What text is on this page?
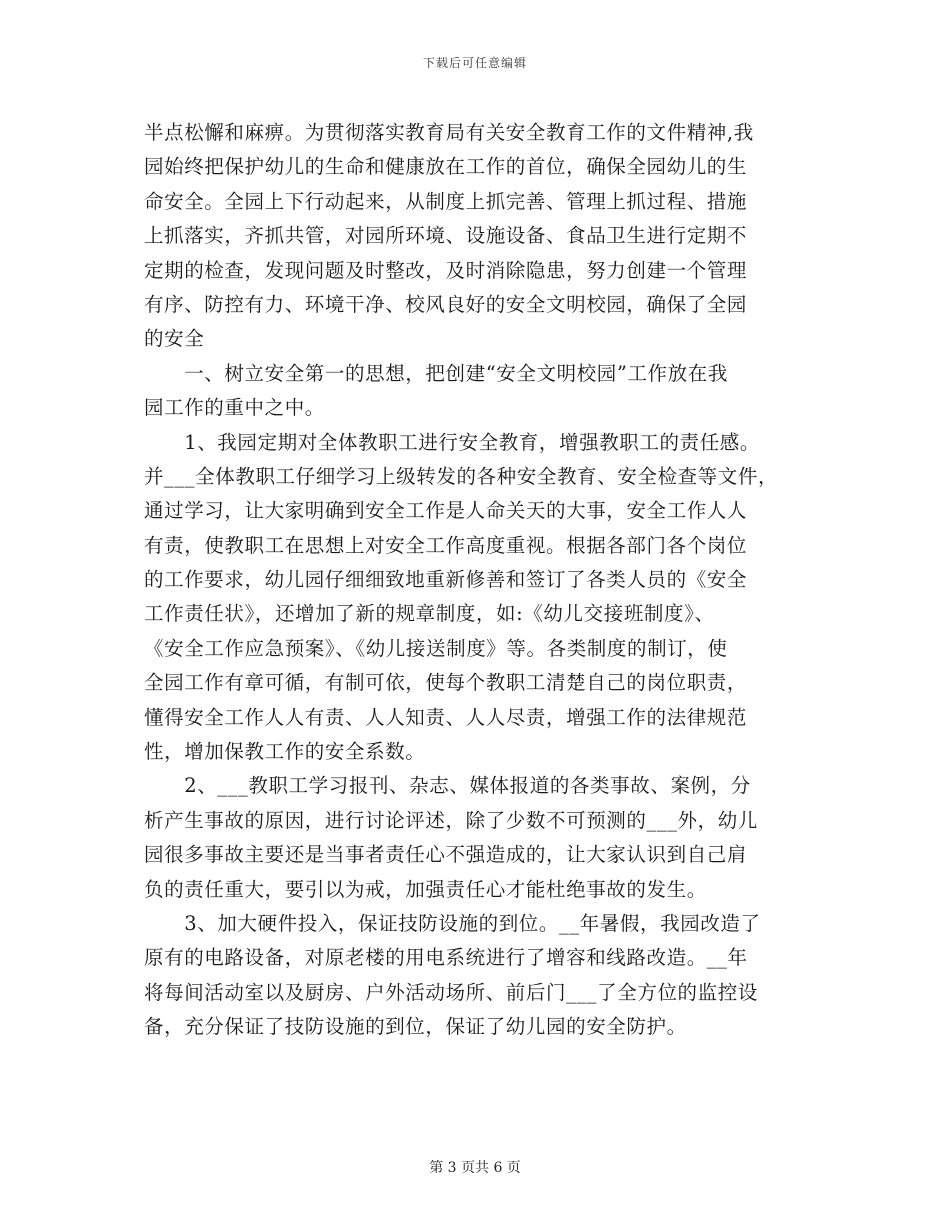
下载后可任意编辑
半点松懈和麻痹。为贯彻落实教育局有关安全教育工作的文件精神,我
园始终把保护幼儿的生命和健康放在工作的首位，确保全园幼儿的生
命安全。全园上下行动起来，从制度上抓完善、管理上抓过程、措施
上抓落实，齐抓共管，对园所环境、设施设备、食品卫生进行定期不
定期的检查，发现问题及时整改，及时消除隐患，努力创建一个管理
有序、防控有力、环境干净、校风良好的安全文明校园，确保了全园
的安全
　　一、树立安全第一的思想，把创建“安全文明校园”工作放在我
园工作的重中之中。
　　1、我园定期对全体教职工进行安全教育，增强教职工的责任感。
并___全体教职工仔细学习上级转发的各种安全教育、安全检查等文件，
通过学习，让大家明确到安全工作是人命关天的大事，安全工作人人
有责，使教职工在思想上对安全工作高度重视。根据各部门各个岗位
的工作要求，幼儿园仔细细致地重新修善和签订了各类人员的《安全
工作责任状》，还增加了新的规章制度，如:《幼儿交接班制度》、
《安全工作应急预案》、《幼儿接送制度》等。各类制度的制订，使
全园工作有章可循，有制可依，使每个教职工清楚自己的岗位职责，
懂得安全工作人人有责、人人知责、人人尽责，增强工作的法律规范
性，增加保教工作的安全系数。
　　2、___教职工学习报刊、杂志、媒体报道的各类事故、案例，分
析产生事故的原因，进行讨论评述，除了少数不可预测的___外，幼儿
园很多事故主要还是当事者责任心不强造成的，让大家认识到自己肩
负的责任重大，要引以为戒，加强责任心才能杜绝事故的发生。
　　3、加大硬件投入，保证技防设施的到位。__年暑假，我园改造了
原有的电路设备，对原老楼的用电系统进行了增容和线路改造。__年
将每间活动室以及厨房、户外活动场所、前后门___了全方位的监控设
备，充分保证了技防设施的到位，保证了幼儿园的安全防护。
第 3 页共 6 页
